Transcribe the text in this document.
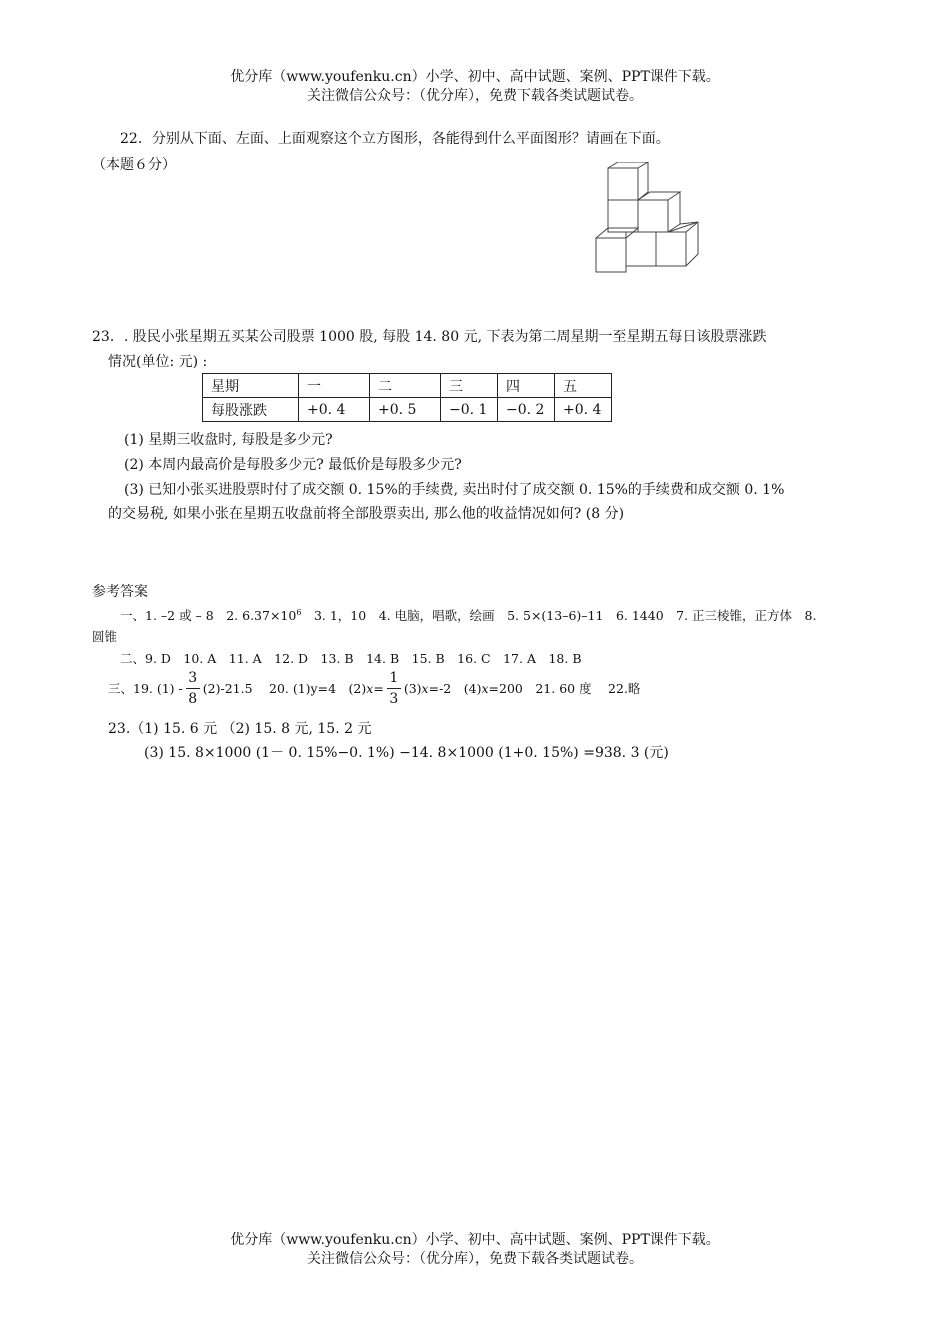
优分库（www.youfenku.cn）小学、初中、高中试题、案例、PPT课件下载。
关注微信公众号：（优分库），免费下载各类试题试卷。
22．分别从下面、左面、上面观察这个立方图形，各能得到什么平面图形？请画在下面。
（本题６分）
23．. 股民小张星期五买某公司股票 1000 股, 每股 14. 80 元, 下表为第二周星期一至星期五每日该股票涨跌
情况(单位: 元) :
星期	一	二	三	四	五
每股涨跌	+0. 4	+0. 5	−0. 1	−0. 2	+0. 4
(1) 星期三收盘时, 每股是多少元?
(2) 本周内最高价是每股多少元? 最低价是每股多少元?
(3) 已知小张买进股票时付了成交额 0. 15%的手续费, 卖出时付了成交额 0. 15%的手续费和成交额 0. 1%
的交易税, 如果小张在星期五收盘前将全部股票卖出, 那么他的收益情况如何? (8 分)
参考答案
一、1. –2 或 – 8　2. $6.37\times 10^6$　3. 1，10　4. 电脑，唱歌，绘画　5. 5×(13–6)–11　6. 1440　7. 正三棱锥，正方体　8.
圆锥
二、9. D　10. A　11. A　12. D　13. B　14. B　15. B　16. C　17. A　18. B
三、19. $(1) - \frac{3}{8} (2)-21.5$　 20. (1)y=4　(2) $x = \frac{1}{3} (3)$ x =-2　(4) x =200　21. 60 度　 22.略
23.（1) 15. 6 元 （2) 15. 8 元, 15. 2 元
(3) 15. 8×1000 (1－ 0. 15%−0. 1%) −14. 8×1000 (1+0. 15%) =938. 3 (元)
优分库（www.youfenku.cn）小学、初中、高中试题、案例、PPT课件下载。
关注微信公众号：（优分库），免费下载各类试题试卷。
